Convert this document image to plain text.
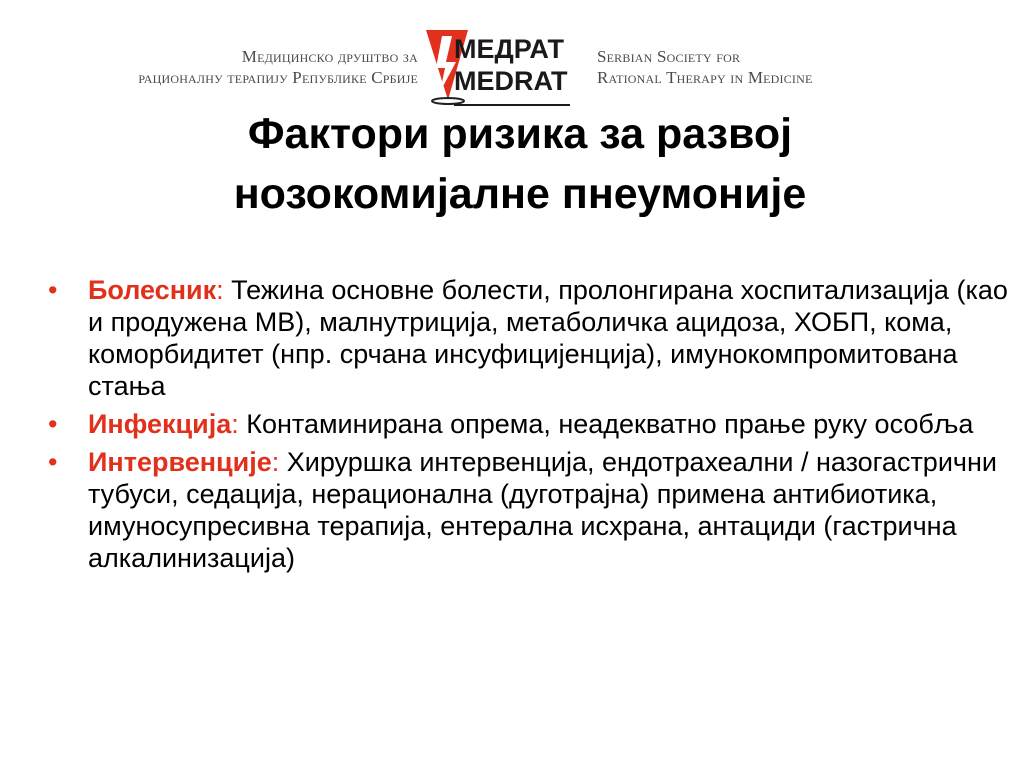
Медицинско друштво за
рационалну терапију Републике Србије
МЕДРАТ
MEDRAT
Serbian Society for
Rational Therapy in Medicine
Фактори ризика за развој
нозокомијалне пнеумоније
• Болесник: Тежина основне болести, пролонгирана хоспитализација (као и продужена МВ), малнутриција, метаболичка ацидоза, ХОБП, кома, коморбидитет (нпр. срчана инсуфицијенција), имунокомпромитована стања
• Инфекција: Контаминирана опрема, неадекватно прање руку особља
• Интервенције: Хируршка интервенција, ендотрахеални / назогастрични тубуси, седација, нерационална (дуготрајна) примена антибиотика, имуносупресивна терапија, ентерална исхрана, антациди (гастрична алкалинизација)
